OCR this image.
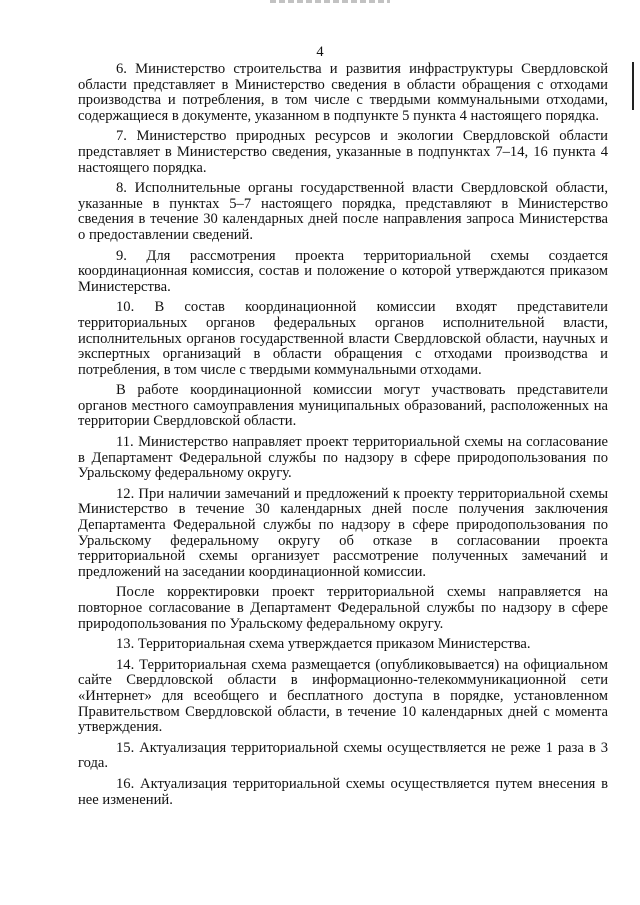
4

6. Министерство строительства и развития инфраструктуры Свердловской области представляет в Министерство сведения в области обращения с отходами производства и потребления, в том числе с твердыми коммунальными отходами, содержащиеся в документе, указанном в подпункте 5 пункта 4 настоящего порядка.

7. Министерство природных ресурсов и экологии Свердловской области представляет в Министерство сведения, указанные в подпунктах 7–14, 16 пункта 4 настоящего порядка.

8. Исполнительные органы государственной власти Свердловской области, указанные в пунктах 5–7 настоящего порядка, представляют в Министерство сведения в течение 30 календарных дней после направления запроса Министерства о предоставлении сведений.

9. Для рассмотрения проекта территориальной схемы создается координационная комиссия, состав и положение о которой утверждаются приказом Министерства.

10. В состав координационной комиссии входят представители территориальных органов федеральных органов исполнительной власти, исполнительных органов государственной власти Свердловской области, научных и экспертных организаций в области обращения с отходами производства и потребления, в том числе с твердыми коммунальными отходами.

В работе координационной комиссии могут участвовать представители органов местного самоуправления муниципальных образований, расположенных на территории Свердловской области.

11. Министерство направляет проект территориальной схемы на согласование в Департамент Федеральной службы по надзору в сфере природопользования по Уральскому федеральному округу.

12. При наличии замечаний и предложений к проекту территориальной схемы Министерство в течение 30 календарных дней после получения заключения Департамента Федеральной службы по надзору в сфере природопользования по Уральскому федеральному округу об отказе в согласовании проекта территориальной схемы организует рассмотрение полученных замечаний и предложений на заседании координационной комиссии.

После корректировки проект территориальной схемы направляется на повторное согласование в Департамент Федеральной службы по надзору в сфере природопользования по Уральскому федеральному округу.

13. Территориальная схема утверждается приказом Министерства.

14. Территориальная схема размещается (опубликовывается) на официальном сайте Свердловской области в информационно-телекоммуникационной сети «Интернет» для всеобщего и бесплатного доступа в порядке, установленном Правительством Свердловской области, в течение 10 календарных дней с момента утверждения.

15. Актуализация территориальной схемы осуществляется не реже 1 раза в 3 года.

16. Актуализация территориальной схемы осуществляется путем внесения в нее изменений.
